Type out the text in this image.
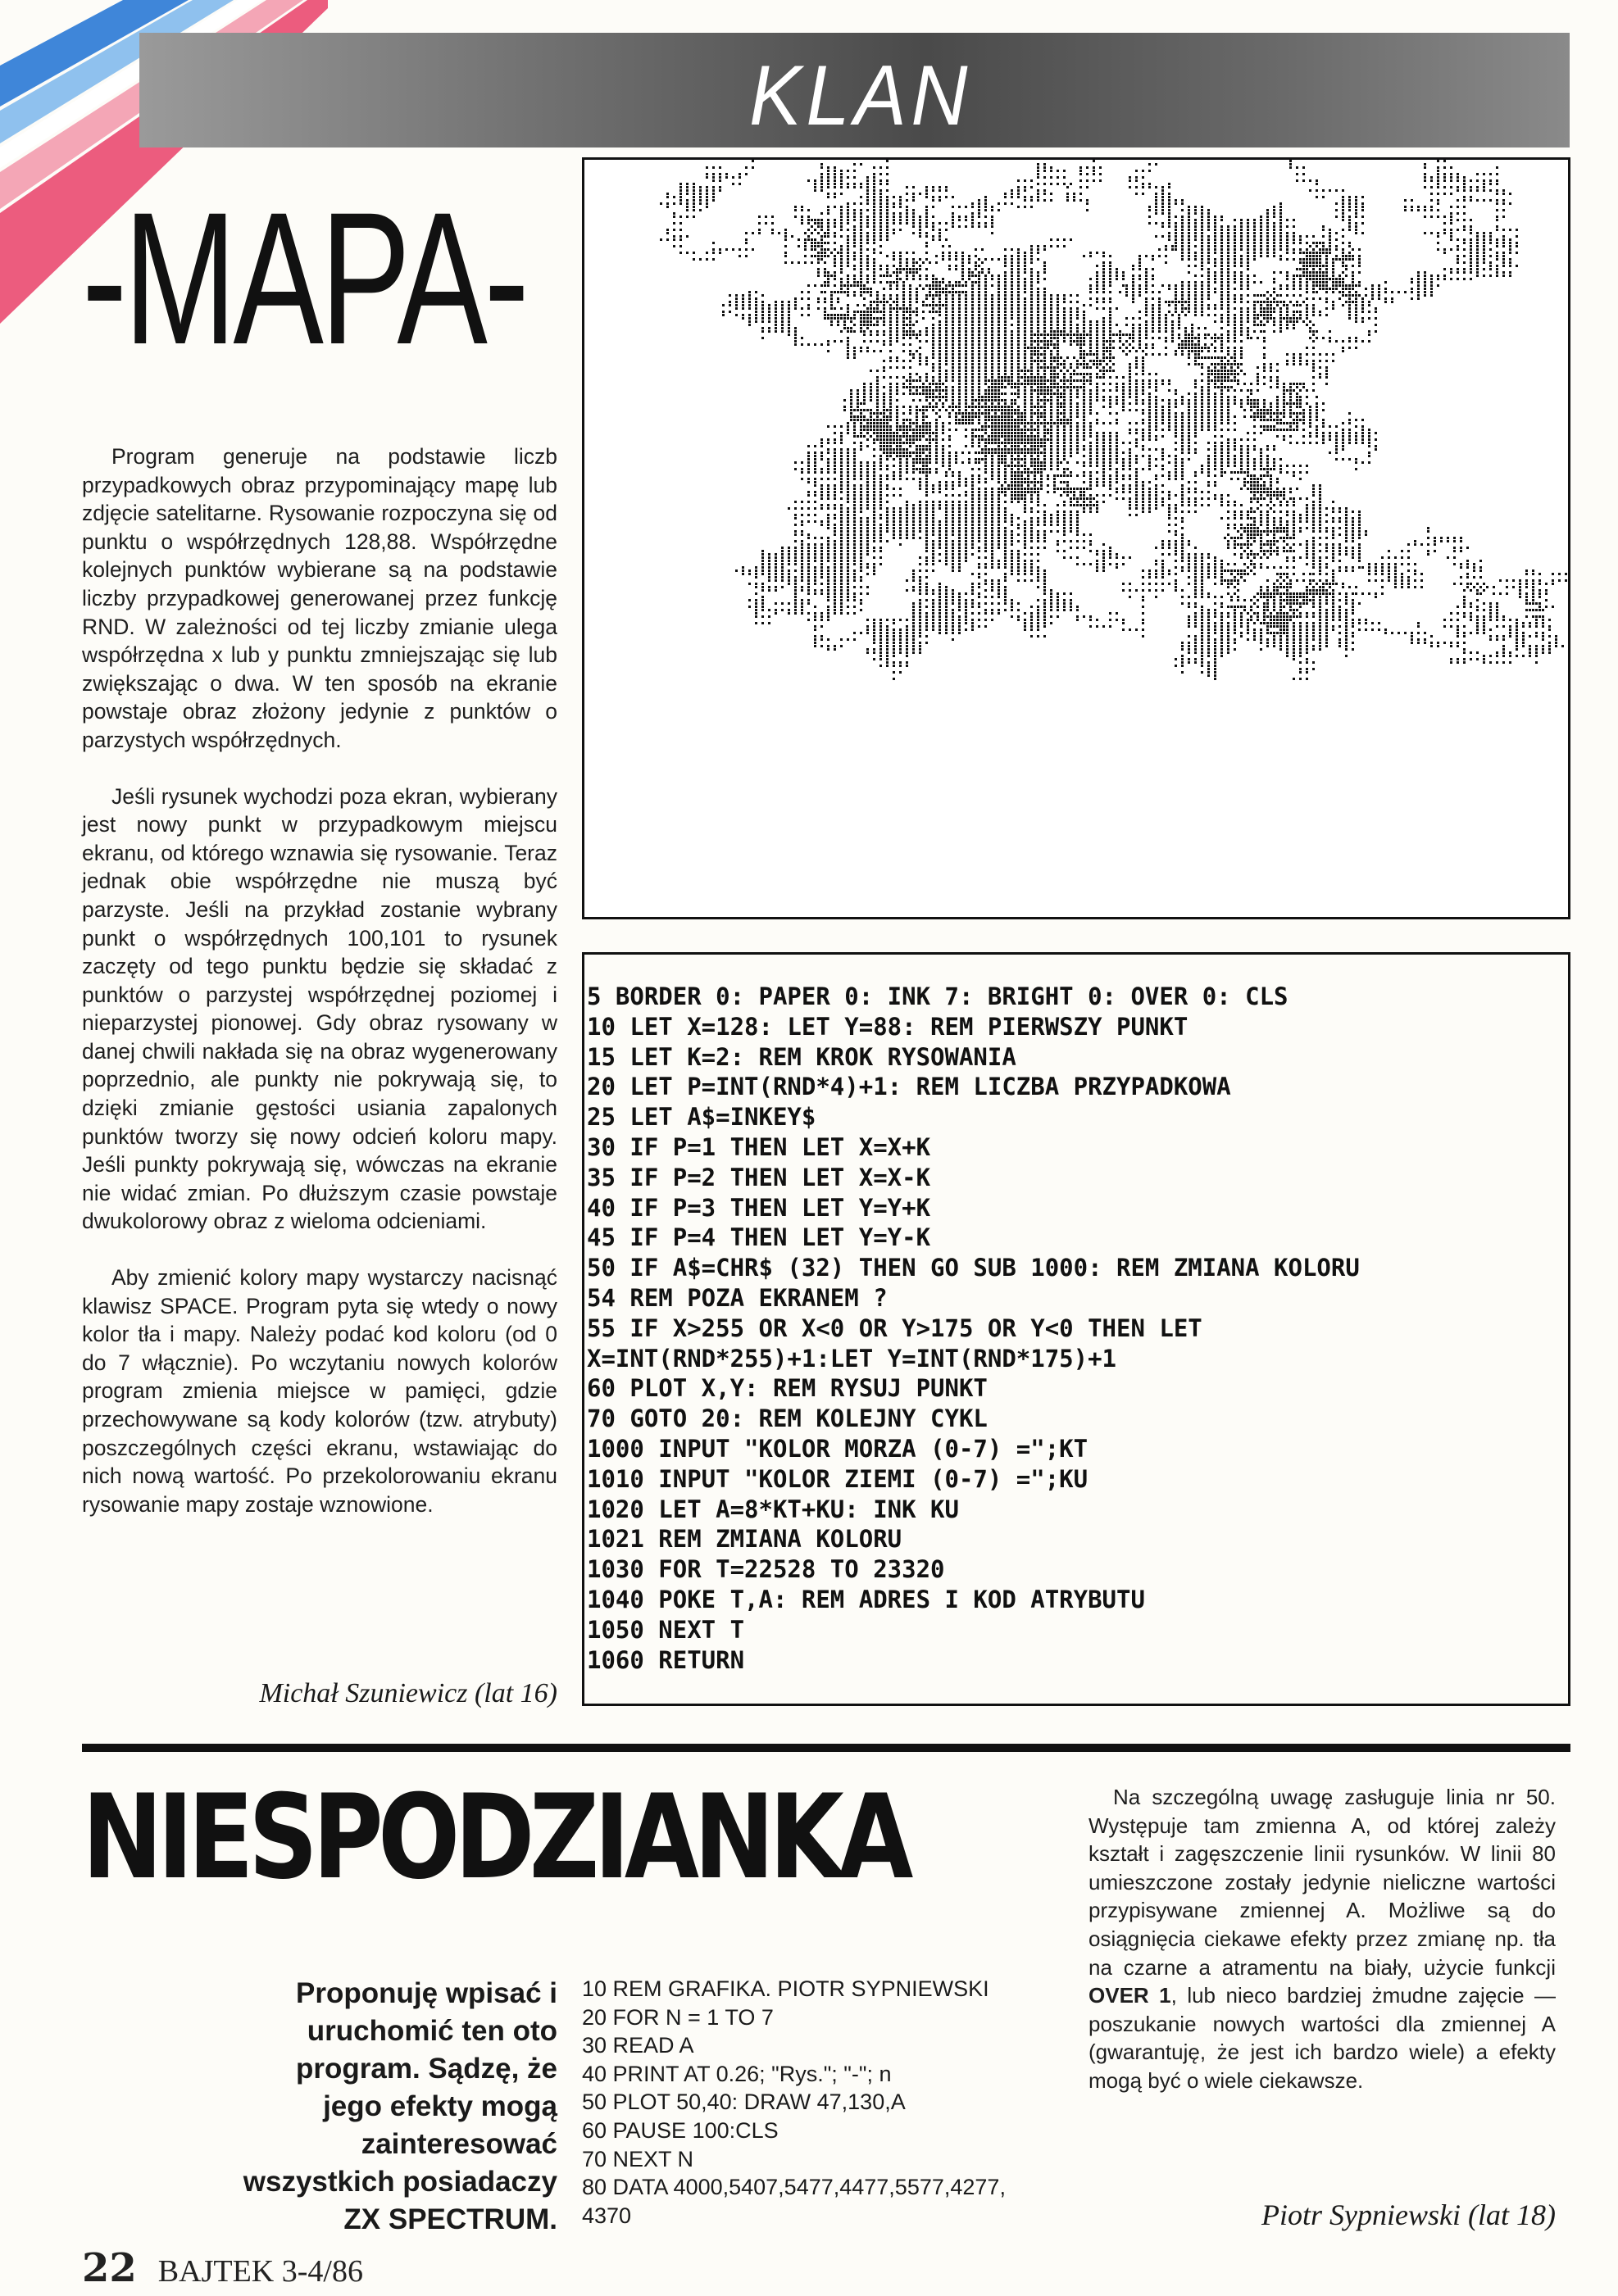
KLAN
-MAPA-

Program generuje na podstawie liczb przypadkowych obraz przypominający mapę lub zdjęcie satelitarne. Rysowanie rozpoczyna się od punktu o współrzędnych 128,88. Współrzędne kolejnych punktów wybierane są na podstawie liczby przypadkowej generowanej przez funkcję RND. W zależności od tej liczby zmianie ulega współrzędna x lub y punktu zmniejszając się lub zwiększając o dwa. W ten sposób na ekranie powstaje obraz złożony jedynie z punktów o parzystych współrzędnych.

Jeśli rysunek wychodzi poza ekran, wybierany jest nowy punkt w przypadkowym miejscu ekranu, od którego wznawia się rysowanie. Teraz jednak obie współrzędne nie muszą być parzyste. Jeśli na przykład zostanie wybrany punkt o współrzędnych 100,101 to rysunek zaczęty od tego punktu będzie się składać z punktów o parzystej współrzędnej poziomej i nieparzystej pionowej. Gdy obraz rysowany w danej chwili nakłada się na obraz wygenerowany poprzednio, ale punkty nie pokrywają się, to dzięki zmianie gęstości usiania zapalonych punktów tworzy się nowy odcień koloru mapy. Jeśli punkty pokrywają się, wówczas na ekranie nie widać zmian. Po dłuższym czasie powstaje dwukolorowy obraz z wieloma odcieniami.

Aby zmienić kolory mapy wystarczy nacisnąć klawisz SPACE. Program pyta się wtedy o nowy kolor tła i mapy. Należy podać kod koloru (od 0 do 7 włącznie). Po wczytaniu nowych kolorów program zmienia miejsce w pamięci, gdzie przechowywane są kody kolorów (tzw. atrybuty) poszczególnych części ekranu, wstawiając do nich nową wartość. Po przekolorowaniu ekranu rysowanie mapy zostaje wznowione.

Michał Szuniewicz (lat 16)
5 BORDER 0: PAPER 0: INK 7: BRIGHT 0: OVER 0: CLS
10 LET X=128: LET Y=88: REM PIERWSZY PUNKT
15 LET K=2: REM KROK RYSOWANIA
20 LET P=INT(RND*4)+1: REM LICZBA PRZYPADKOWA
25 LET A$=INKEY$
30 IF P=1 THEN LET X=X+K
35 IF P=2 THEN LET X=X-K
40 IF P=3 THEN LET Y=Y+K
45 IF P=4 THEN LET Y=Y-K
50 IF A$=CHR$ (32) THEN GO SUB 1000: REM ZMIANA KOLORU
54 REM POZA EKRANEM ?
55 IF X>255 OR X<0 OR Y>175 OR Y<0 THEN LET
X=INT(RND*255)+1:LET Y=INT(RND*175)+1
60 PLOT X,Y: REM RYSUJ PUNKT
70 GOTO 20: REM KOLEJNY CYKL
1000 INPUT "KOLOR MORZA (0-7) =";KT
1010 INPUT "KOLOR ZIEMI (0-7) =";KU
1020 LET A=8*KT+KU: INK KU
1021 REM ZMIANA KOLORU
1030 FOR T=22528 TO 23320
1040 POKE T,A: REM ADRES I KOD ATRYBUTU
1050 NEXT T
1060 RETURN
NIESPODZIANKA
Proponuję wpisać i uruchomić ten oto program. Sądzę, że jego efekty mogą zainteresować wszystkich posiadaczy ZX SPECTRUM.
10 REM GRAFIKA. PIOTR SYPNIEWSKI
20 FOR N = 1 TO 7
30 READ A
40 PRINT AT 0.26; "Rys."; "-"; n
50 PLOT 50,40: DRAW 47,130,A
60 PAUSE 100:CLS
70 NEXT N
80 DATA 4000,5407,5477,4477,5577,4277,
4370
Na szczególną uwagę zasługuje linia nr 50. Występuje tam zmienna A, od której zależy kształt i zagęszczenie linii rysunków. W linii 80 umieszczone zostały jedynie nieliczne wartości przypisywane zmiennej A. Możliwe są do osiągnięcia ciekawe efekty przez zmianę np. tła na czarne a atramentu na biały, użycie funkcji OVER 1, lub nieco bardziej żmudne zajęcie — poszukanie nowych wartości dla zmiennej A (gwarantuję, że jest ich bardzo wiele) a efekty mogą być o wiele ciekawsze.
Piotr Sypniewski (lat 18)
22 BAJTEK 3-4/86
